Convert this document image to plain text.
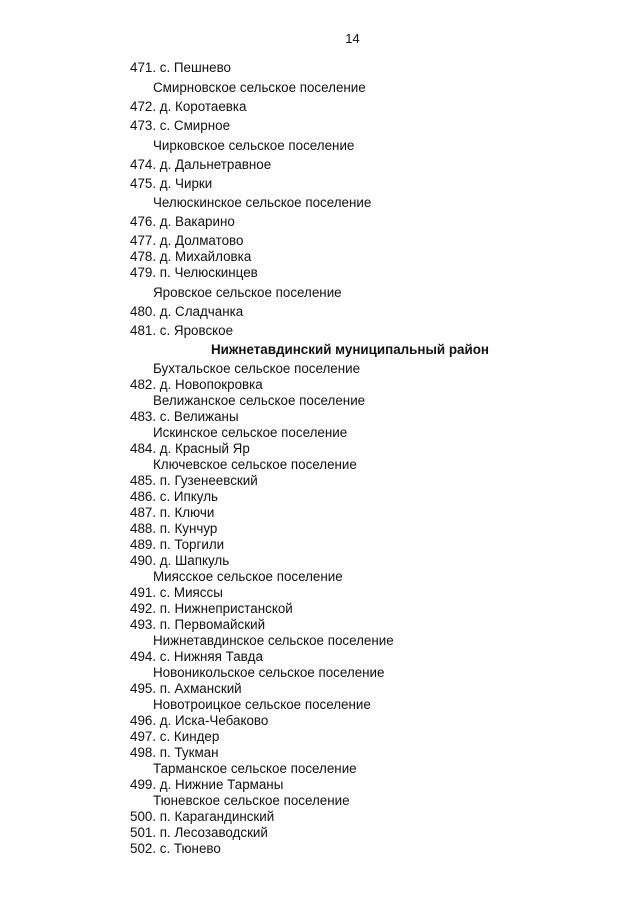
14
471. с. Пешнево
Смирновское сельское поселение
472. д. Коротаевка
473. с. Смирное
Чирковское сельское поселение
474. д. Дальнетравное
475. д. Чирки
Челюскинское сельское поселение
476. д. Вакарино
477. д. Долматово
478. д. Михайловка
479. п. Челюскинцев
Яровское сельское поселение
480. д. Сладчанка
481. с. Яровское
Нижнетавдинский муниципальный район
Бухтальское сельское поселение
482. д. Новопокровка
Велижанское сельское поселение
483. с. Велижаны
Искинское сельское поселение
484. д. Красный Яр
Ключевское сельское поселение
485. п. Гузенеевский
486. с. Ипкуль
487. п. Ключи
488. п. Кунчур
489. п. Торгили
490. д. Шапкуль
Миясское сельское поселение
491. с. Мияссы
492. п. Нижнепристанской
493. п. Первомайский
Нижнетавдинское сельское поселение
494. с. Нижняя Тавда
Новоникольское сельское поселение
495. п. Ахманский
Новотроицкое сельское поселение
496. д. Иска-Чебаково
497. с. Киндер
498. п. Тукман
Тарманское сельское поселение
499. д. Нижние Тарманы
Тюневское сельское поселение
500. п. Карагандинский
501. п. Лесозаводский
502. с. Тюнево
